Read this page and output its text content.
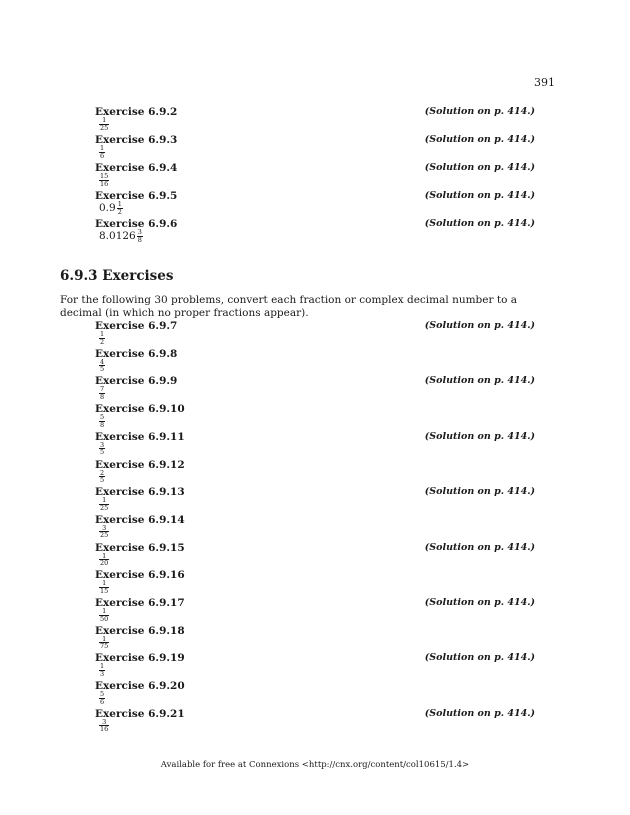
391
Exercise 6.9.2	(Solution on p. 414.)
$\frac{1}{25}$
Exercise 6.9.3	(Solution on p. 414.)
$\frac{1}{6}$
Exercise 6.9.4	(Solution on p. 414.)
$\frac{15}{16}$
Exercise 6.9.5	(Solution on p. 414.)
$0.9 \frac{1}{2}$
Exercise 6.9.6	(Solution on p. 414.)
$8.0126 \frac{3}{8}$
6.9.3 Exercises
For the following 30 problems, convert each fraction or complex decimal number to a decimal (in which no proper fractions appear).
Exercise 6.9.7	(Solution on p. 414.)
$\frac{1}{2}$
Exercise 6.9.8
$\frac{4}{5}$
Exercise 6.9.9	(Solution on p. 414.)
$\frac{7}{8}$
Exercise 6.9.10
$\frac{5}{8}$
Exercise 6.9.11	(Solution on p. 414.)
$\frac{3}{5}$
Exercise 6.9.12
$\frac{2}{5}$
Exercise 6.9.13	(Solution on p. 414.)
$\frac{1}{25}$
Exercise 6.9.14
$\frac{3}{25}$
Exercise 6.9.15	(Solution on p. 414.)
$\frac{1}{20}$
Exercise 6.9.16
$\frac{1}{15}$
Exercise 6.9.17	(Solution on p. 414.)
$\frac{1}{50}$
Exercise 6.9.18
$\frac{1}{75}$
Exercise 6.9.19	(Solution on p. 414.)
$\frac{1}{3}$
Exercise 6.9.20
$\frac{5}{6}$
Exercise 6.9.21	(Solution on p. 414.)
$\frac{3}{16}$
Available for free at Connexions <http://cnx.org/content/col10615/1.4>
